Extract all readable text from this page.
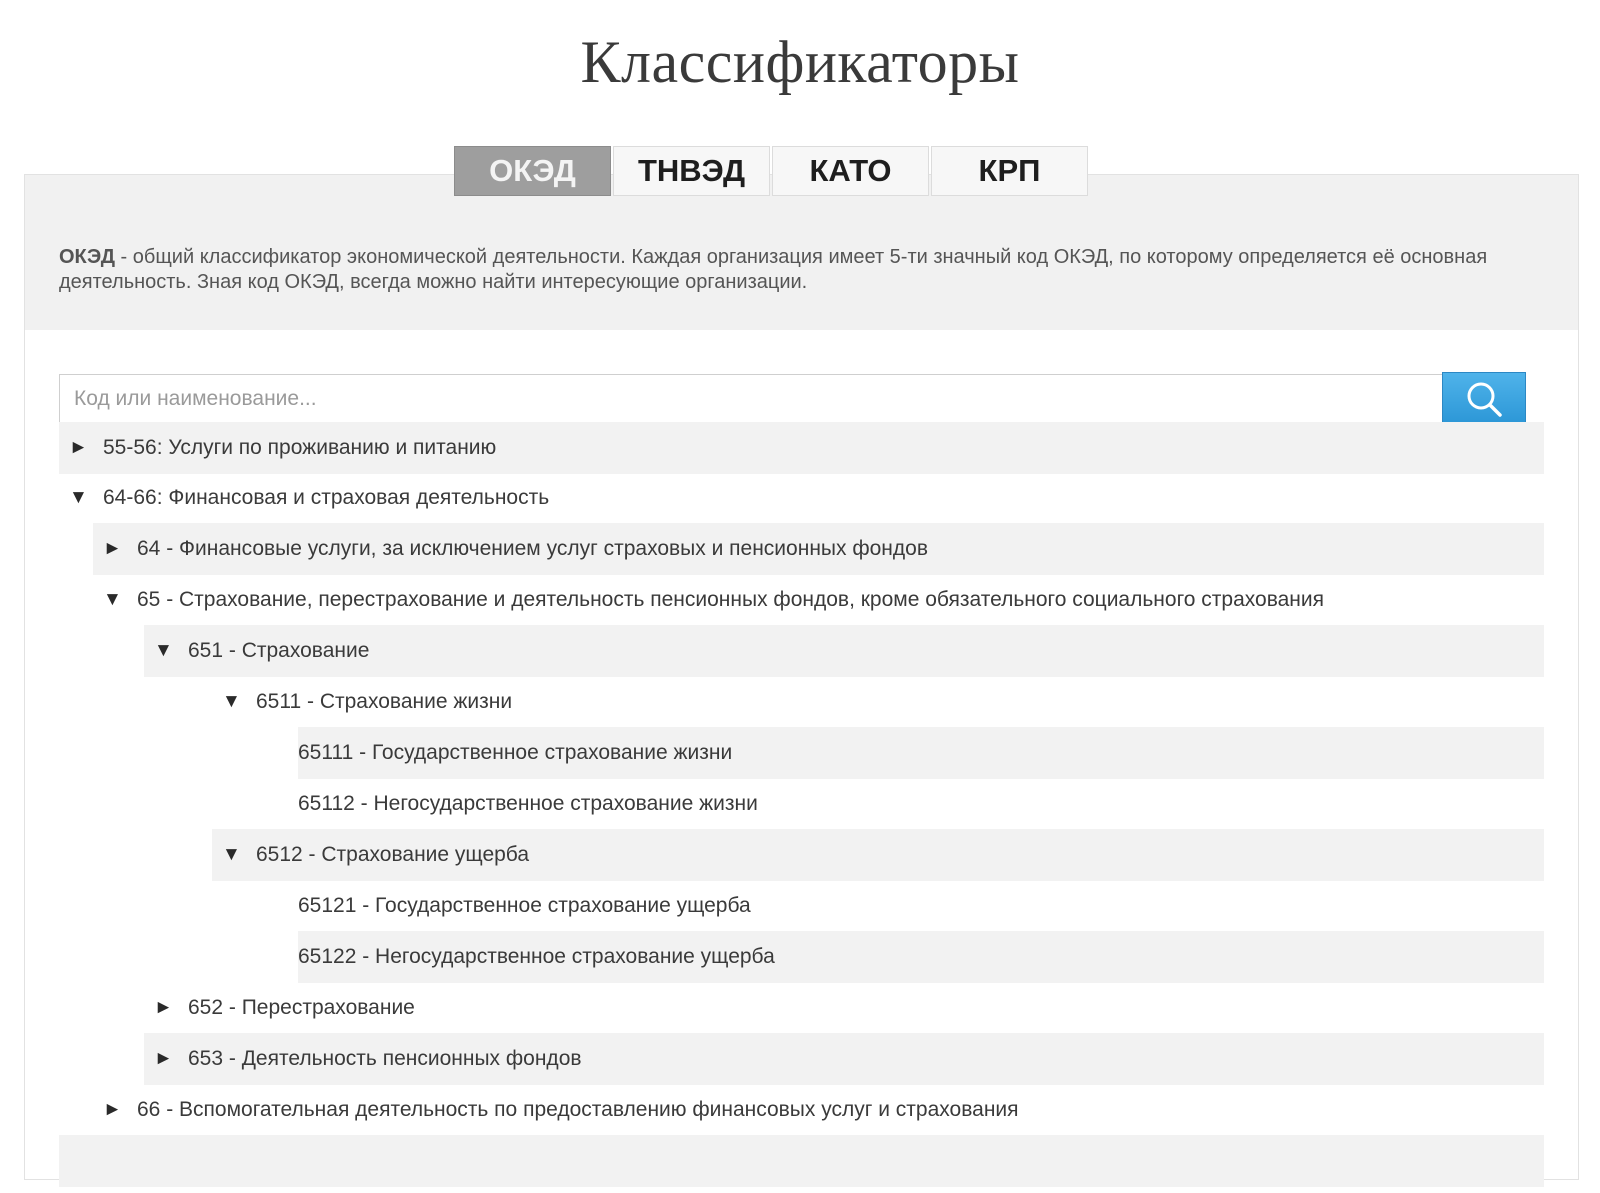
Классификаторы
ОКЭД	ТНВЭД	КАТО	КРП
ОКЭД - общий классификатор экономической деятельности. Каждая организация имеет 5-ти значный код ОКЭД, по которому определяется её основная деятельность. Зная код ОКЭД, всегда можно найти интересующие организации.
Код или наименование...
► 55-56: Услуги по проживанию и питанию
▼ 64-66: Финансовая и страховая деятельность
► 64 - Финансовые услуги, за исключением услуг страховых и пенсионных фондов
▼ 65 - Страхование, перестрахование и деятельность пенсионных фондов, кроме обязательного социального страхования
▼ 651 - Страхование
▼ 6511 - Страхование жизни
65111 - Государственное страхование жизни
65112 - Негосударственное страхование жизни
▼ 6512 - Страхование ущерба
65121 - Государственное страхование ущерба
65122 - Негосударственное страхование ущерба
► 652 - Перестрахование
► 653 - Деятельность пенсионных фондов
► 66 - Вспомогательная деятельность по предоставлению финансовых услуг и страхования
